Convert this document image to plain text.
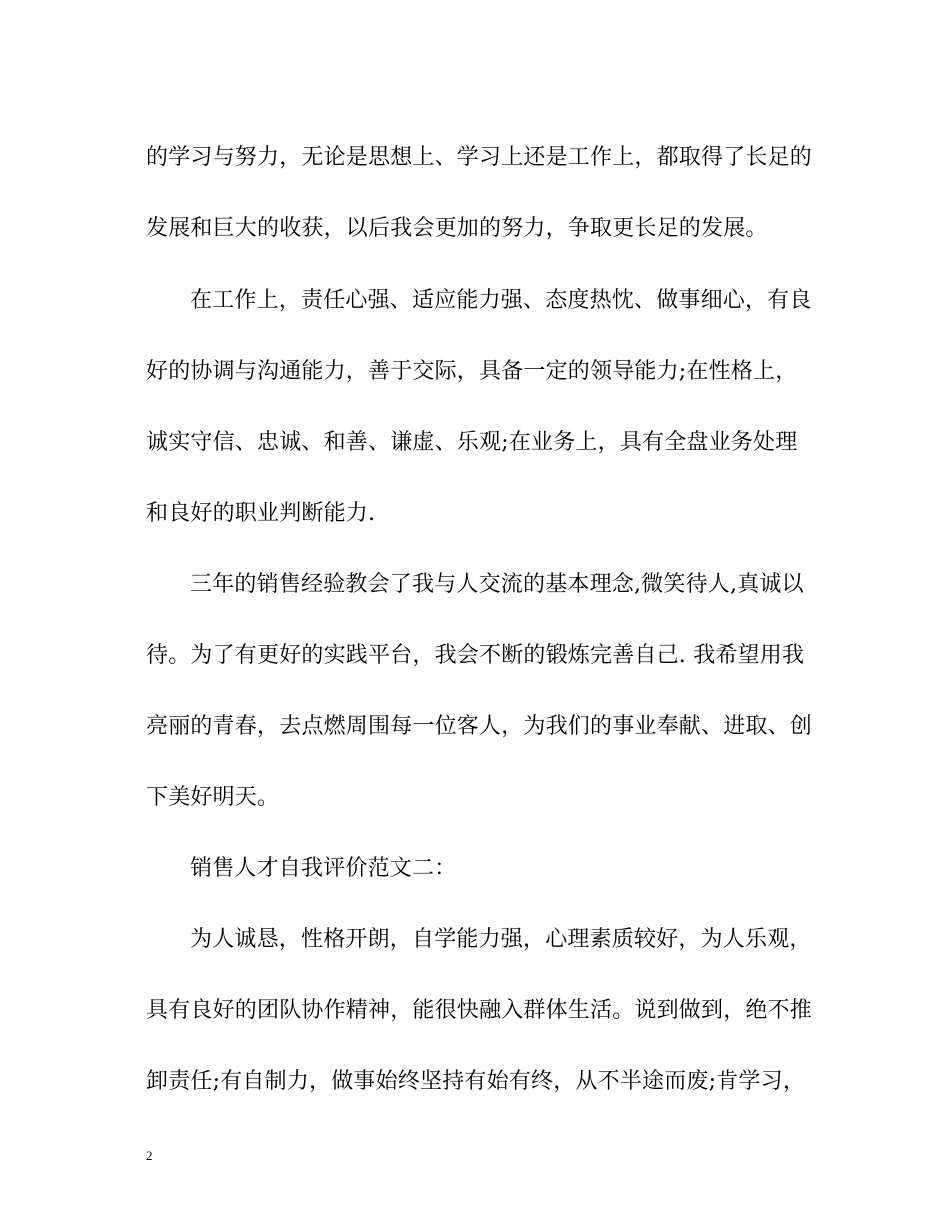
的学习与努力，无论是思想上、学习上还是工作上，都取得了长足的
发展和巨大的收获，以后我会更加的努力，争取更长足的发展。
在工作上，责任心强、适应能力强、态度热忱、做事细心，有良
好的协调与沟通能力，善于交际，具备一定的领导能力;在性格上，
诚实守信、忠诚、和善、谦虚、乐观;在业务上，具有全盘业务处理
和良好的职业判断能力.
三年的销售经验教会了我与人交流的基本理念,微笑待人,真诚以
待。为了有更好的实践平台，我会不断的锻炼完善自己. 我希望用我
亮丽的青春，去点燃周围每一位客人，为我们的事业奉献、进取、创
下美好明天。
销售人才自我评价范文二：
为人诚恳，性格开朗，自学能力强，心理素质较好，为人乐观，
具有良好的团队协作精神，能很快融入群体生活。说到做到，绝不推
卸责任;有自制力，做事始终坚持有始有终，从不半途而废;肯学习，
2
